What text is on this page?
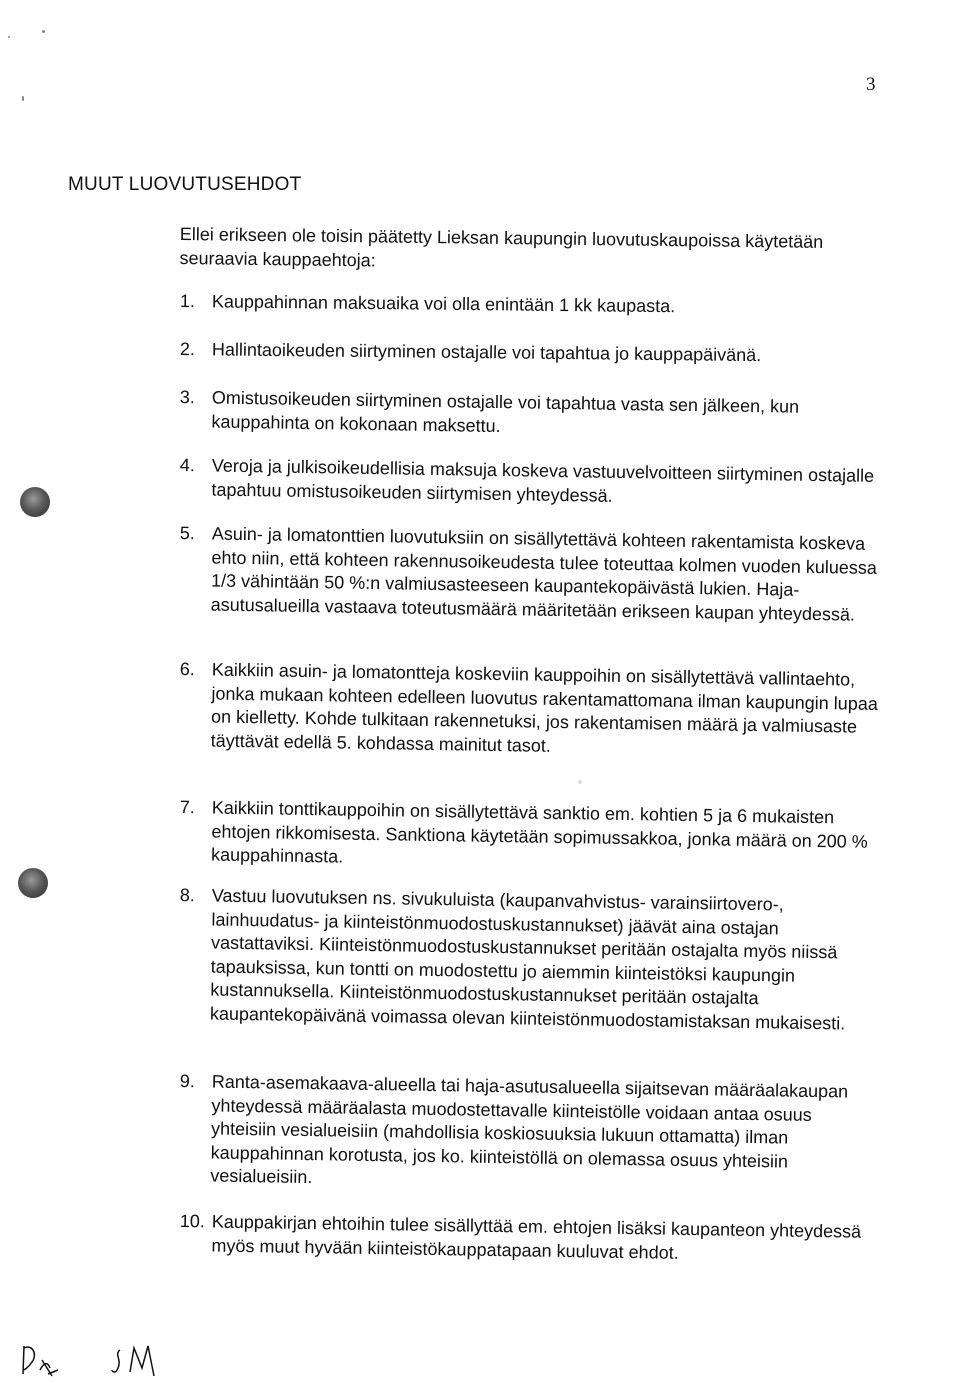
3
MUUT LUOVUTUSEHDOT
Ellei erikseen ole toisin päätetty Lieksan kaupungin luovutuskaupoissa käytetään seuraavia kauppaehtoja:
1. Kauppahinnan maksuaika voi olla enintään 1 kk kaupasta.
2. Hallintaoikeuden siirtyminen ostajalle voi tapahtua jo kauppapäivänä.
3. Omistusoikeuden siirtyminen ostajalle voi tapahtua vasta sen jälkeen, kun kauppahinta on kokonaan maksettu.
4. Veroja ja julkisoikeudellisia maksuja koskeva vastuuvelvoitteen siirtyminen ostajalle tapahtuu omistusoikeuden siirtymisen yhteydessä.
5. Asuin- ja lomatonttien luovutuksiin on sisällytettävä kohteen rakentamista koskeva ehto niin, että kohteen rakennusoikeudesta tulee toteuttaa kolmen vuoden kuluessa 1/3 vähintään 50 %:n valmiusasteeseen kaupantekopäivästä lukien. Haja-asutusalueilla vastaava toteutusmäärä määritetään erikseen kaupan yhteydessä.
6. Kaikkiin asuin- ja lomatontteja koskeviin kauppoihin on sisällytettävä vallintaehto, jonka mukaan kohteen edelleen luovutus rakentamattomana ilman kaupungin lupaa on kielletty. Kohde tulkitaan rakennetuksi, jos rakentamisen määrä ja valmiusaste täyttävät edellä 5. kohdassa mainitut tasot.
7. Kaikkiin tonttikauppoihin on sisällytettävä sanktio em. kohtien 5 ja 6 mukaisten ehtojen rikkomisesta. Sanktiona käytetään sopimussakkoa, jonka määrä on 200 % kauppahinnasta.
8. Vastuu luovutuksen ns. sivukuluista (kaupanvahvistus- varainsiirtovero-, lainhuudatus- ja kiinteistönmuodostuskustannukset) jäävät aina ostajan vastattaviksi. Kiinteistönmuodostuskustannukset peritään ostajalta myös niissä tapauksissa, kun tontti on muodostettu jo aiemmin kiinteistöksi kaupungin kustannuksella. Kiinteistönmuodostuskustannukset peritään ostajalta kaupantekopäivänä voimassa olevan kiinteistönmuodostamistaksan mukaisesti.
9. Ranta-asemakaava-alueella tai haja-asutusalueella sijaitsevan määräalakaupan yhteydessä määräalasta muodostettavalle kiinteistölle voidaan antaa osuus yhteisiin vesialueisiin (mahdollisia koskiosuuksia lukuun ottamatta) ilman kauppahinnan korotusta, jos ko. kiinteistöllä on olemassa osuus yhteisiin vesialueisiin.
10. Kauppakirjan ehtoihin tulee sisällyttää em. ehtojen lisäksi kaupanteon yhteydessä myös muut hyvään kiinteistökauppatapaan kuuluvat ehdot.
